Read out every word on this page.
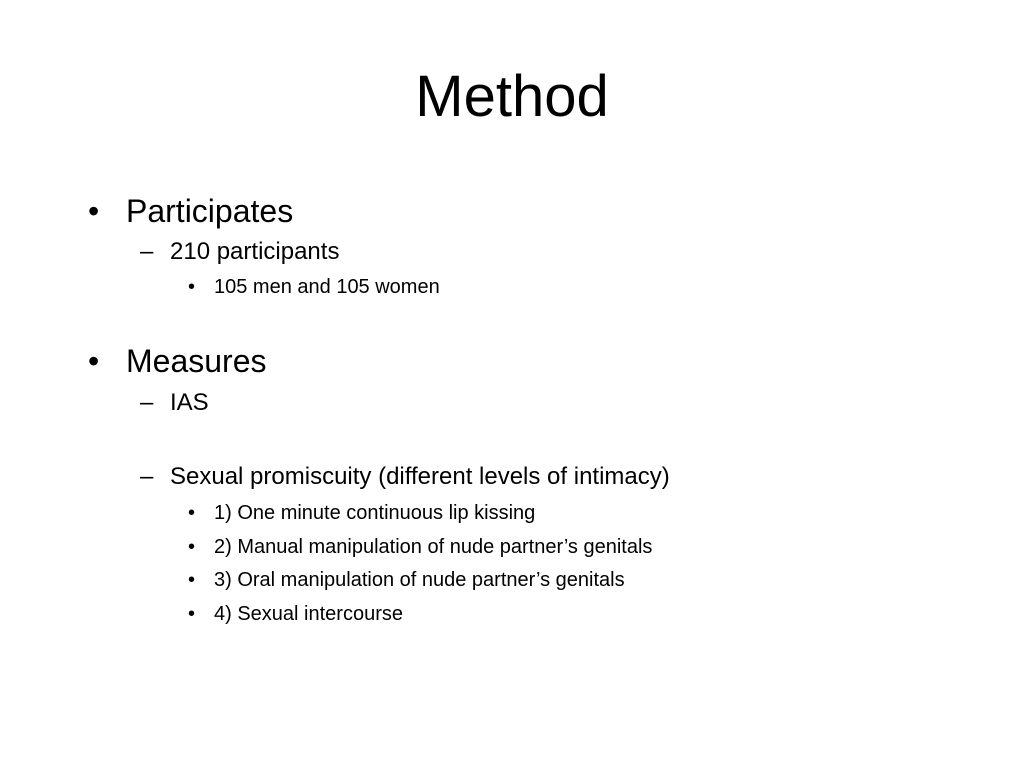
Method
• Participates
– 210 participants
• 105 men and 105 women
• Measures
– IAS
– Sexual promiscuity (different levels of intimacy)
• 1) One minute continuous lip kissing
• 2) Manual manipulation of nude partner’s genitals
• 3) Oral manipulation of nude partner’s genitals
• 4) Sexual intercourse
